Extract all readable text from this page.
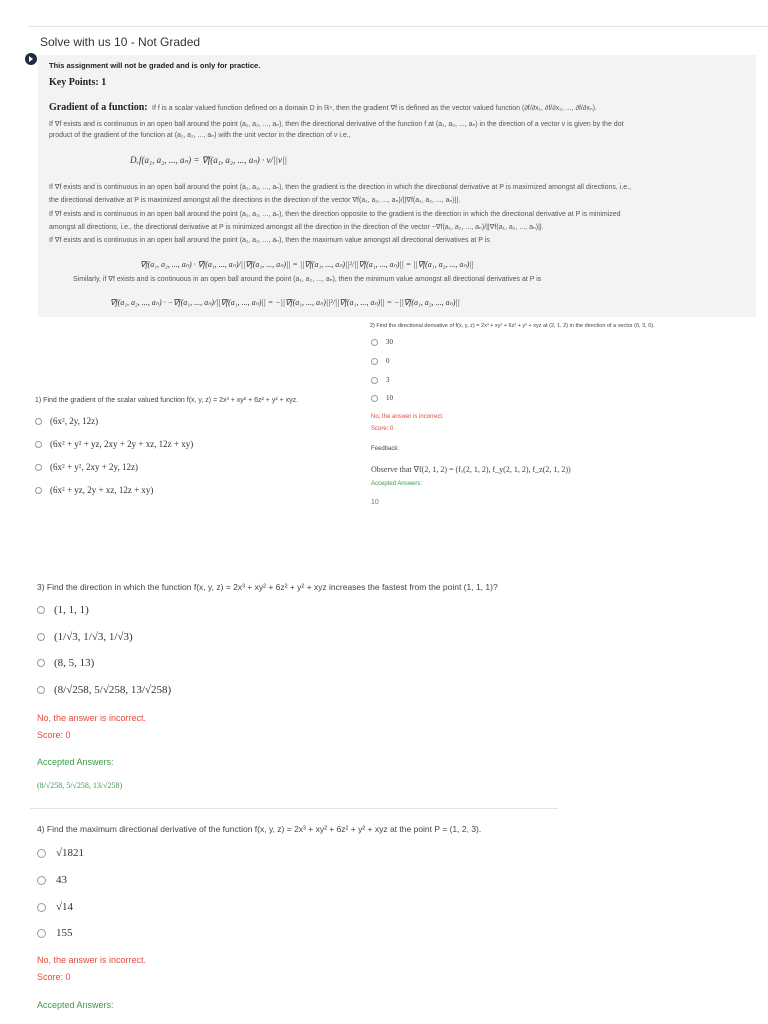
Solve with us 10 - Not Graded
This assignment will not be graded and is only for practice.
Key Points: 1
Gradient of a function: If f is a scalar valued function defined on a domain D in ℝⁿ, then the gradient ∇f is defined as the vector valued function (∂f/∂x₁, ∂f/∂x₂, ..., ∂f/∂xₙ).
If ∇f exists and is continuous in an open ball around the point (a₁, a₂, ..., aₙ), then the directional derivative of the function f at (a₁, a₂, ..., aₙ) in the direction of a vector v is given by the dot
product of the gradient of the function at (a₁, a₂, ..., aₙ) with the unit vector in the direction of v i.e.,
Dᵥf(a₁, a₂, ..., aₙ) = ∇f(a₁, a₂, ..., aₙ) · v/||v||
If ∇f exists and is continuous in an open ball around the point (a₁, a₂, ..., aₙ), then the gradient is the direction in which the directional derivative at P is maximized amongst all directions, i.e.,
the directional derivative at P is maximized amongst all the directions in the direction of the vector ∇f(a₁, a₂, ..., aₙ)/||∇f(a₁, a₂, ..., aₙ)||.
If ∇f exists and is continuous in an open ball around the point (a₁, a₂, ..., aₙ), then the direction opposite to the gradient is the direction in which the directional derivative at P is minimized
amongst all directions, i.e., the directional derivative at P is minimized amongst all the direction in the direction of the vector −∇f(a₁, a₂, ..., aₙ)/||∇f(a₁, a₂, ..., aₙ)||.
If ∇f exists and is continuous in an open ball around the point (a₁, a₂, ..., aₙ), then the maximum value amongst all directional derivatives at P is
∇f(a₁, a₂, ..., aₙ) · ∇f(a₁, ..., aₙ)/||∇f(a₁, ..., aₙ)|| = ||∇f(a₁, ..., aₙ)||²/||∇f(a₁, ..., aₙ)|| = ||∇f(a₁, a₂, ..., aₙ)||
Similarly, if ∇f exists and is continuous in an open ball around the point (a₁, a₂, ..., aₙ), then the minimum value amongst all directional derivatives at P is
∇f(a₁, a₂, ..., aₙ) · −∇f(a₁, ..., aₙ)/||∇f(a₁, ..., aₙ)|| = −||∇f(a₁, ..., aₙ)||²/||∇f(a₁, ..., aₙ)|| = −||∇f(a₁, a₂, ..., aₙ)||
2) Find the directional derivative of f(x, y, z) = 2x³ + xy² + 6z² + y² + xyz at (2, 1, 2) in the direction of a vector (0, 3, 0).
30
0
3
10
No, the answer is incorrect.
Score: 0
Feedback:
Observe that ∇f(2, 1, 2) = (fₓ(2, 1, 2), f_y(2, 1, 2), f_z(2, 1, 2))
Accepted Answers:
10
1) Find the gradient of the scalar valued function f(x, y, z) = 2x³ + xy² + 6z² + y² + xyz.
(6x², 2y, 12z)
(6x² + y² + yz, 2xy + 2y + xz, 12z + xy)
(6x² + y², 2xy + 2y, 12z)
(6x² + yz, 2y + xz, 12z + xy)
3) Find the direction in which the function f(x, y, z) = 2x³ + xy² + 6z² + y² + xyz increases the fastest from the point (1, 1, 1)?
(1, 1, 1)
(1/√3, 1/√3, 1/√3)
(8, 5, 13)
(8/√258, 5/√258, 13/√258)
No, the answer is incorrect.
Score: 0
Accepted Answers:
(8/√258, 5/√258, 13/√258)
4) Find the maximum directional derivative of the function f(x, y, z) = 2x³ + xy² + 6z² + y² + xyz at the point P = (1, 2, 3).
√1821
43
√14
155
No, the answer is incorrect.
Score: 0
Accepted Answers:
